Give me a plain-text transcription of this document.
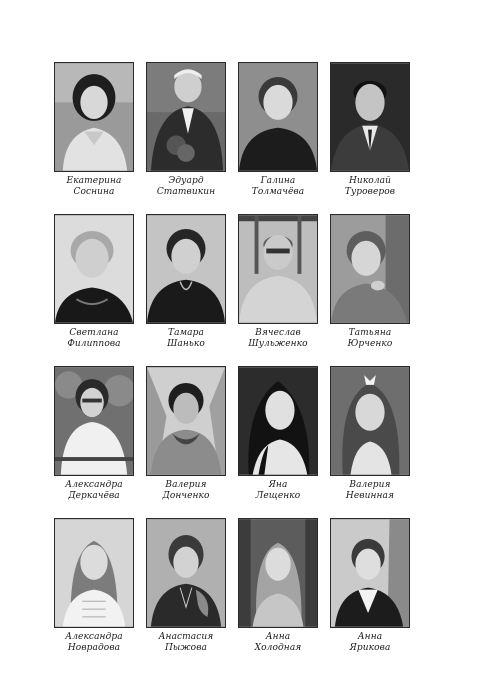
Екатерина
Соснина
Эдуард
Статвикин
Галина
Толмачёва
Николай
Туроверов
Светлана
Филиппова
Тамара
Шанько
Вячеслав
Шульженко
Татьяна
Юрченко
Александра
Деркачёва
Валерия
Донченко
Яна
Лещенко
Валерия
Невинная
Александра
Новрадова
Анастасия
Пыжова
Анна
Холодная
Анна
Ярикова
